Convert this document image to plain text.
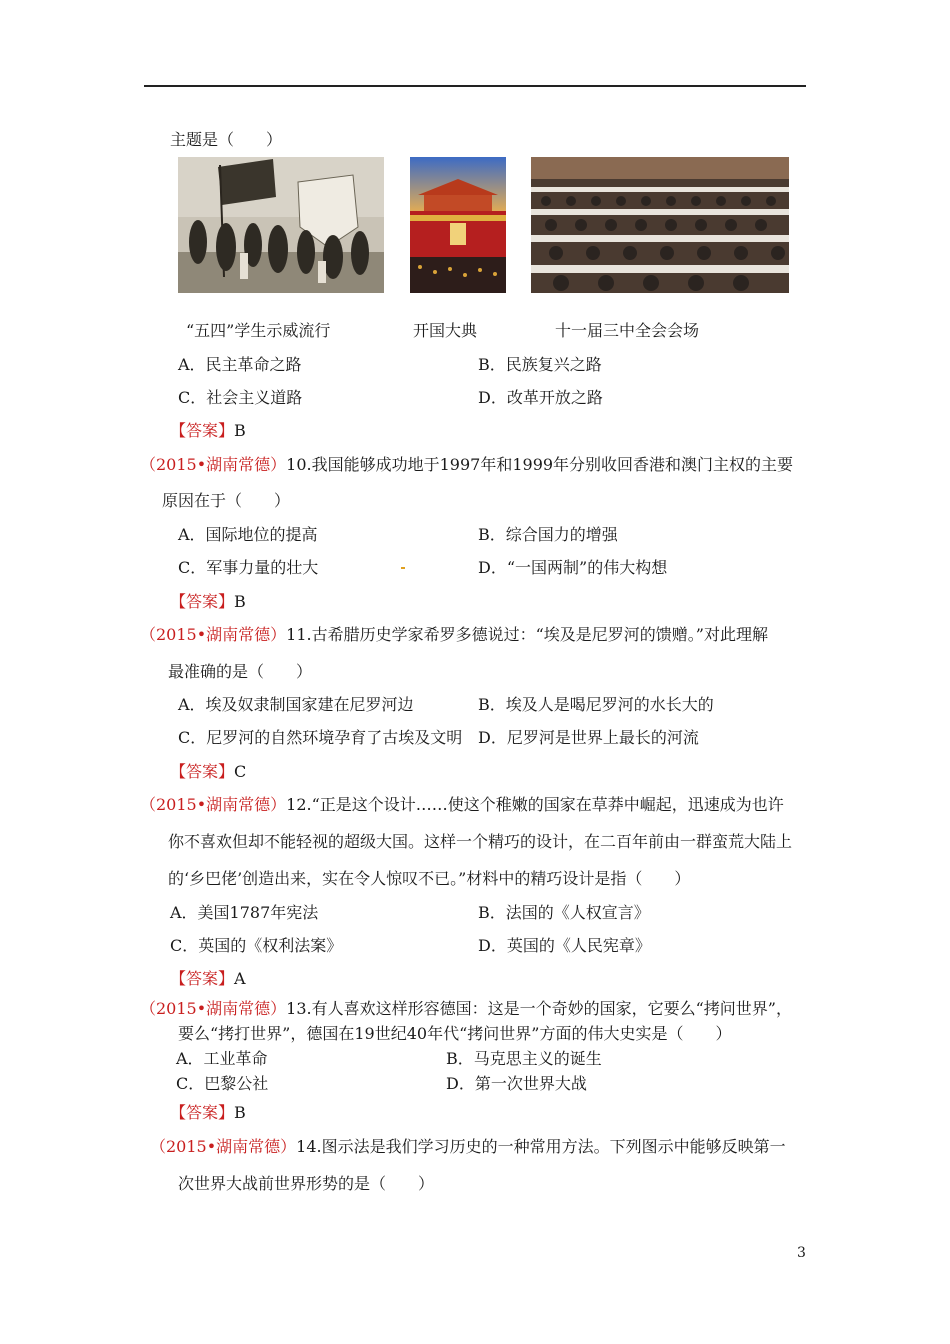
主题是（　　）
“五四”学生示威流行	开国大典	十一届三中全会会场
A．民主革命之路	B．民族复兴之路
C．社会主义道路	D．改革开放之路
【答案】B
（2015•湖南常德）10.我国能够成功地于1997年和1999年分别收回香港和澳门主权的主要
原因在于（　　）
A．国际地位的提高	B．综合国力的增强
C．军事力量的壮大	D．“一国两制”的伟大构想
【答案】B
（2015•湖南常德）11.古希腊历史学家希罗多德说过：“埃及是尼罗河的馈赠。”对此理解
最准确的是（　　）
A．埃及奴隶制国家建在尼罗河边	B．埃及人是喝尼罗河的水长大的
C．尼罗河的自然环境孕育了古埃及文明 D．尼罗河是世界上最长的河流
【答案】C
（2015•湖南常德）12.“正是这个设计……使这个稚嫩的国家在草莽中崛起，迅速成为也许
你不喜欢但却不能轻视的超级大国。这样一个精巧的设计，在二百年前由一群蛮荒大陆上
的‘乡巴佬’创造出来，实在令人惊叹不已。”材料中的精巧设计是指（　　）
A．美国1787年宪法	B．法国的《人权宣言》
C．英国的《权利法案》	D．英国的《人民宪章》
【答案】A
（2015•湖南常德）13.有人喜欢这样形容德国：这是一个奇妙的国家，它要么“拷问世界”，
要么“拷打世界”，德国在19世纪40年代“拷问世界”方面的伟大史实是（　　）
A．工业革命	B．马克思主义的诞生
C．巴黎公社	D．第一次世界大战
【答案】B
（2015•湖南常德）14.图示法是我们学习历史的一种常用方法。下列图示中能够反映第一
次世界大战前世界形势的是（　　）
3
